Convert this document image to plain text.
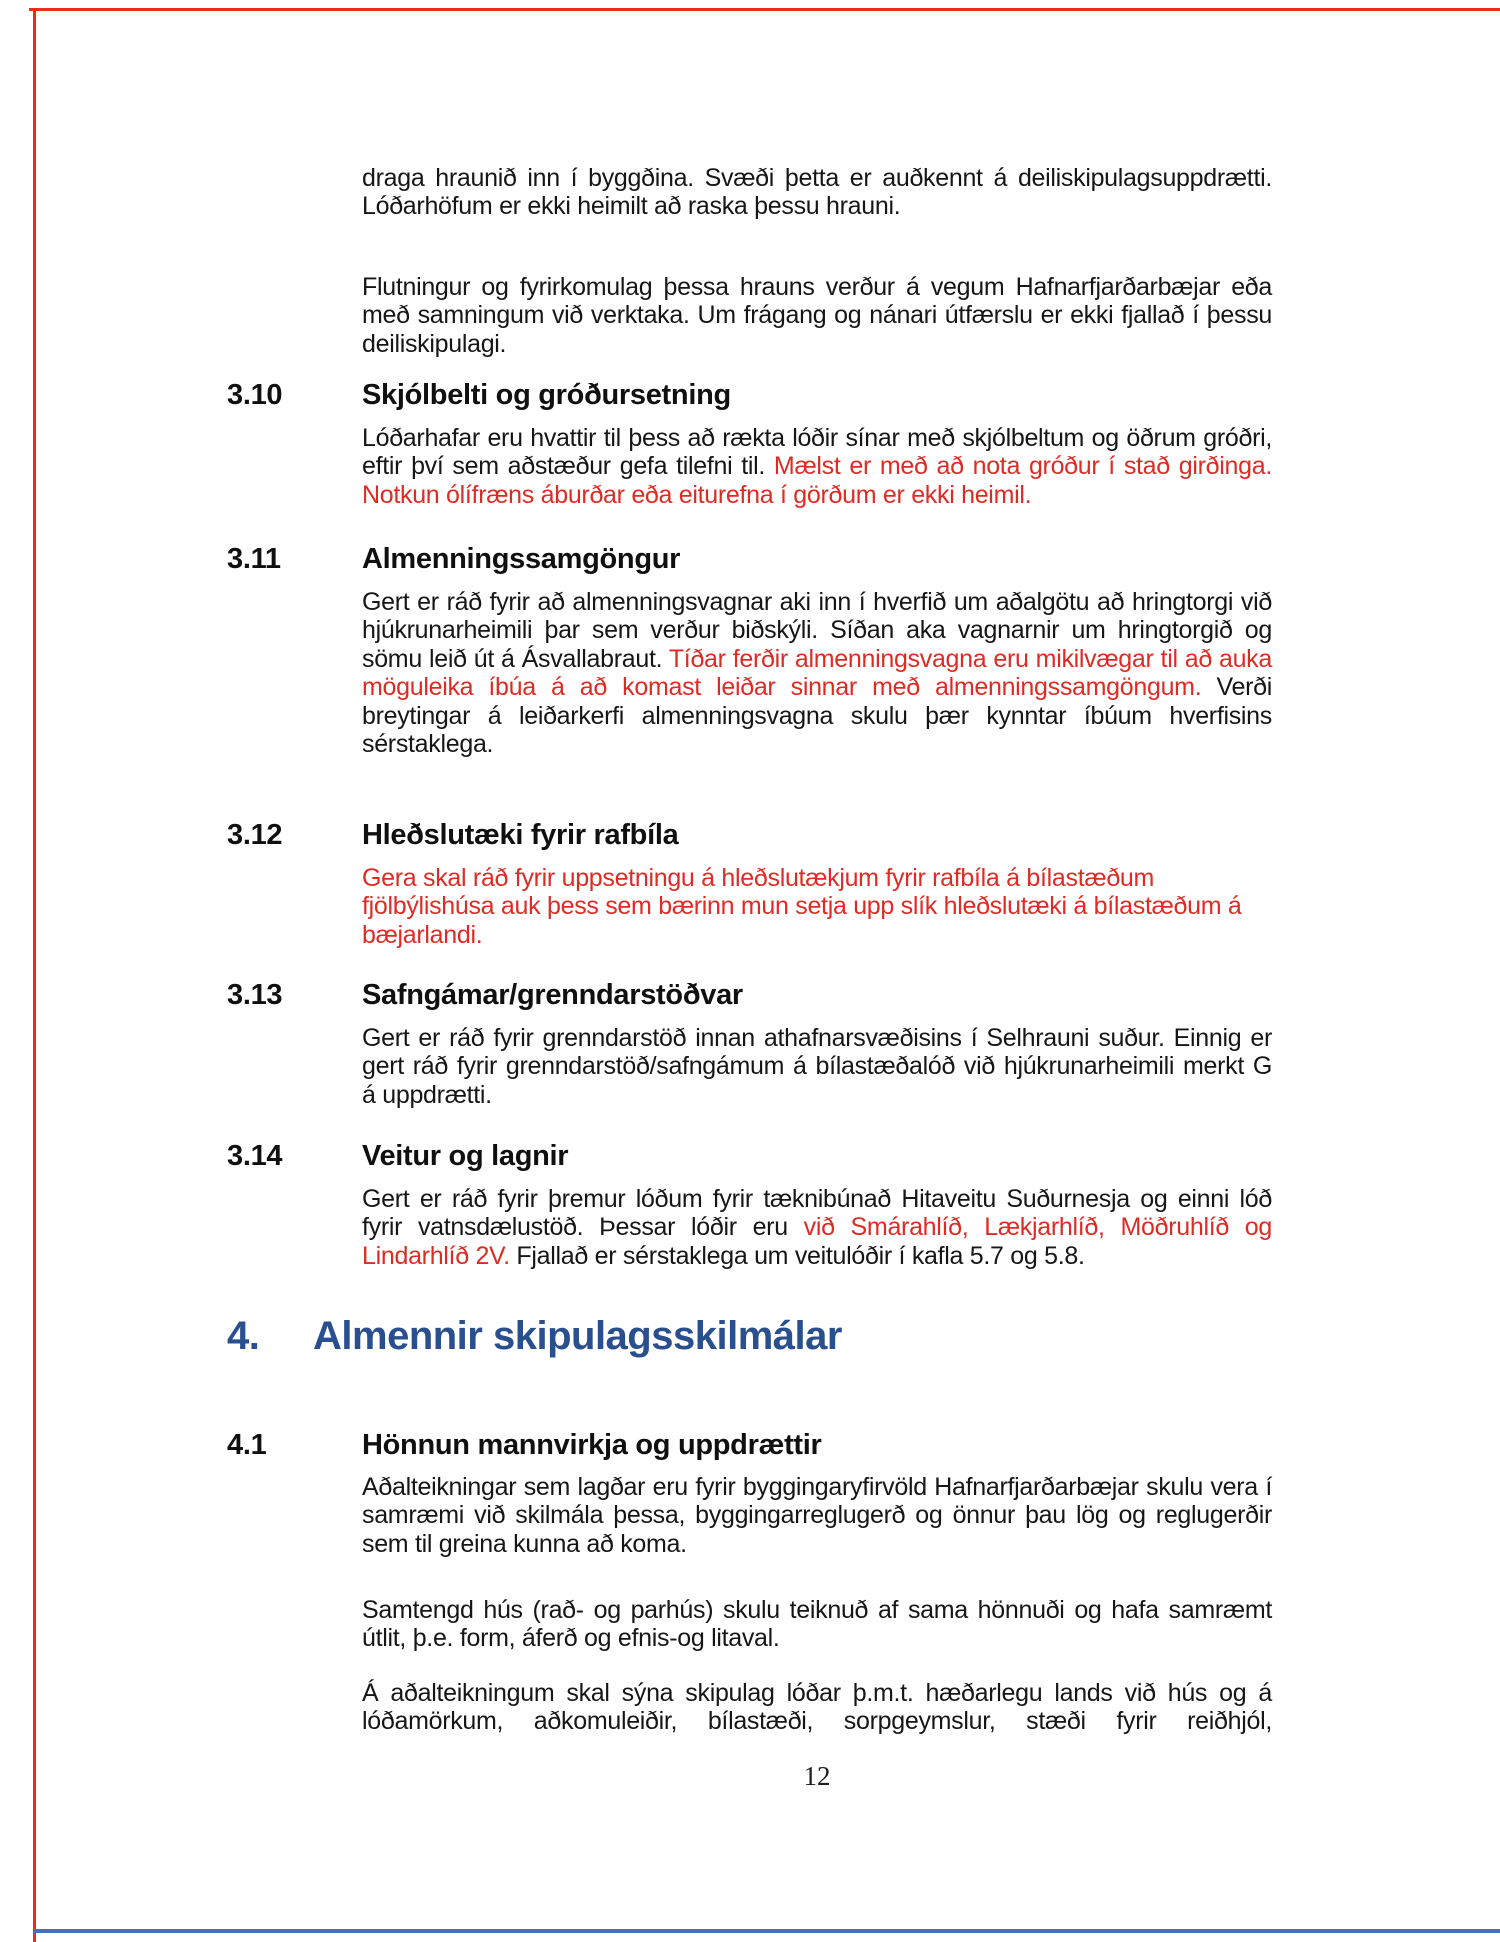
draga hraunið inn í byggðina. Svæði þetta er auðkennt á deiliskipulagsuppdrætti. Lóðarhöfum er ekki heimilt að raska þessu hrauni.
Flutningur og fyrirkomulag þessa hrauns verður á vegum Hafnarfjarðarbæjar eða með samningum við verktaka. Um frágang og nánari útfærslu er ekki fjallað í þessu deiliskipulagi.
3.10	Skjólbelti og gróðursetning
Lóðarhafar eru hvattir til þess að rækta lóðir sínar með skjólbeltum og öðrum gróðri, eftir því sem aðstæður gefa tilefni til. Mælst er með að nota gróður í stað girðinga. Notkun ólífræns áburðar eða eiturefna í görðum er ekki heimil.
3.11	Almenningssamgöngur
Gert er ráð fyrir að almenningsvagnar aki inn í hverfið um aðalgötu að hringtorgi við hjúkrunarheimili þar sem verður biðskýli. Síðan aka vagnarnir um hringtorgið og sömu leið út á Ásvallabraut. Tíðar ferðir almenningsvagna eru mikilvægar til að auka möguleika íbúa á að komast leiðar sinnar með almenningssamgöngum. Verði breytingar á leiðarkerfi almenningsvagna skulu þær kynntar íbúum hverfisins sérstaklega.
3.12	Hleðslutæki fyrir rafbíla
Gera skal ráð fyrir uppsetningu á hleðslutækjum fyrir rafbíla á bílastæðum fjölbýlishúsa auk þess sem bærinn mun setja upp slík hleðslutæki á bílastæðum á bæjarlandi.
3.13	Safngámar/grenndarstöðvar
Gert er ráð fyrir grenndarstöð innan athafnarsvæðisins í Selhrauni suður. Einnig er gert ráð fyrir grenndarstöð/safngámum á bílastæðalóð við hjúkrunarheimili merkt G á uppdrætti.
3.14	Veitur og lagnir
Gert er ráð fyrir þremur lóðum fyrir tæknibúnað Hitaveitu Suðurnesja og einni lóð fyrir vatnsdælustöð. Þessar lóðir eru við Smárahlíð, Lækjarhlíð, Möðruhlíð og Lindarhlíð 2V. Fjallað er sérstaklega um veitulóðir í kafla 5.7 og 5.8.
4. Almennir skipulagsskilmálar
4.1	Hönnun mannvirkja og uppdrættir
Aðalteikningar sem lagðar eru fyrir byggingaryfirvöld Hafnarfjarðarbæjar skulu vera í samræmi við skilmála þessa, byggingarreglugerð og önnur þau lög og reglugerðir sem til greina kunna að koma.
Samtengd hús (rað- og parhús) skulu teiknuð af sama hönnuði og hafa samræmt útlit, þ.e. form, áferð og efnis-og litaval.
Á aðalteikningum skal sýna skipulag lóðar þ.m.t. hæðarlegu lands við hús og á lóðamörkum, aðkomuleiðir, bílastæði, sorpgeymslur, stæði fyrir reiðhjól,
12
